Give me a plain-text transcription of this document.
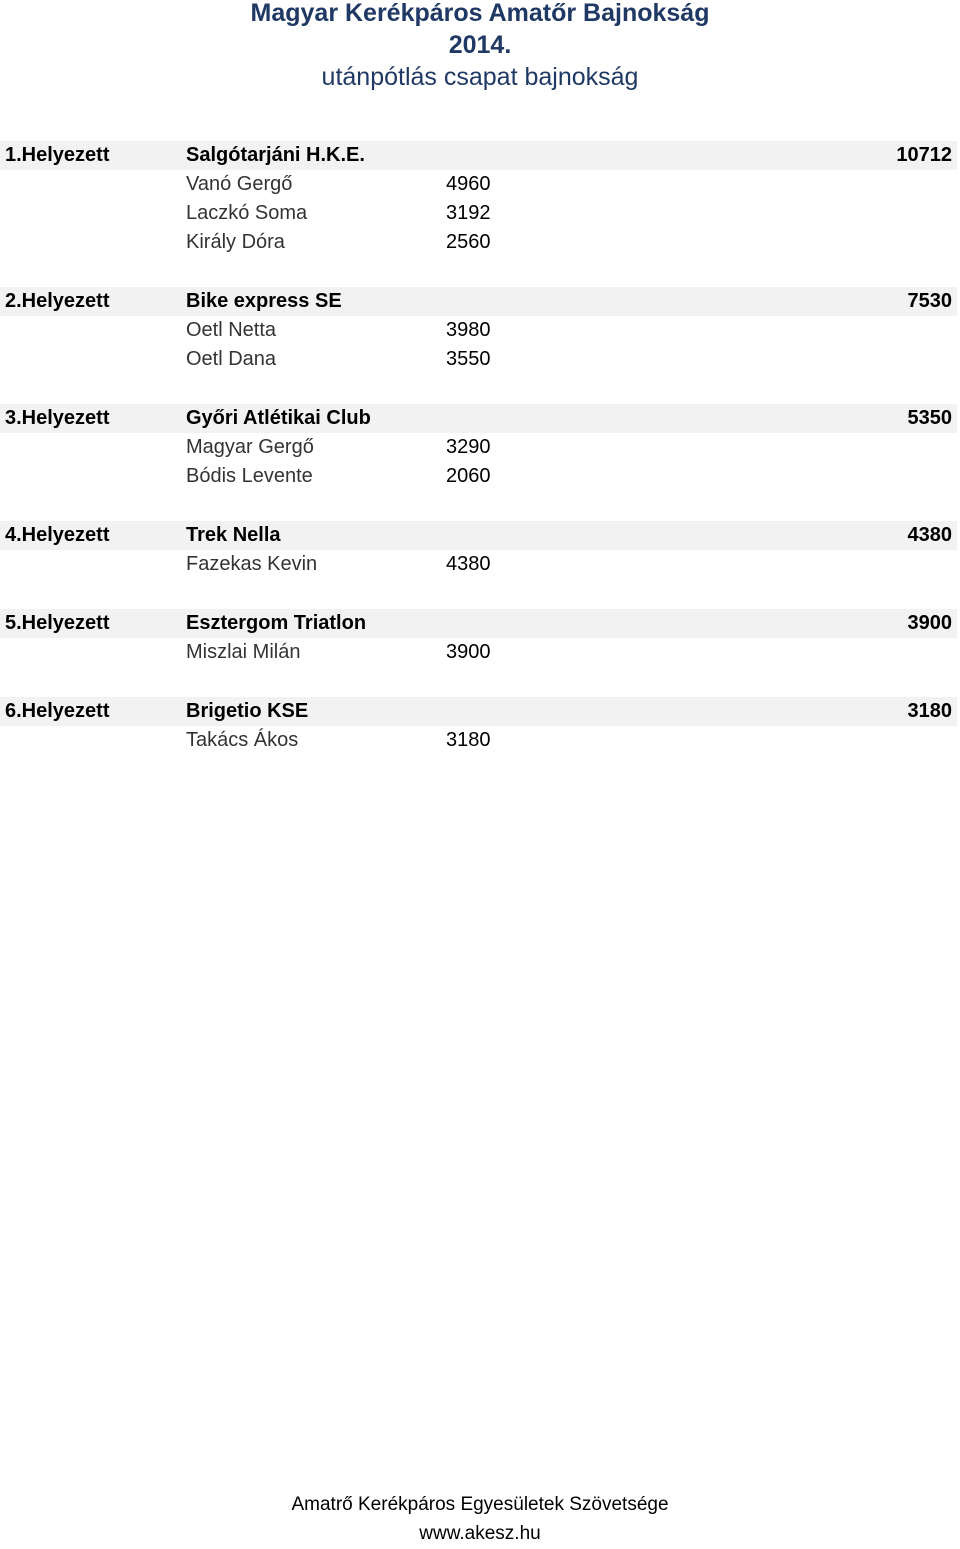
Magyar Kerékpáros Amatőr Bajnokság
2014.
utánpótlás csapat bajnokság
1.Helyezett	Salgótarjáni H.K.E.	10712
Vanó Gergő	4960
Laczkó Soma	3192
Király Dóra	2560
2.Helyezett	Bike express SE	7530
Oetl Netta	3980
Oetl Dana	3550
3.Helyezett	Győri Atlétikai Club	5350
Magyar Gergő	3290
Bódis Levente	2060
4.Helyezett	Trek Nella	4380
Fazekas Kevin	4380
5.Helyezett	Esztergom Triatlon	3900
Miszlai Milán	3900
6.Helyezett	Brigetio KSE	3180
Takács Ákos	3180
Amatrő Kerékpáros Egyesületek Szövetsége
www.akesz.hu
